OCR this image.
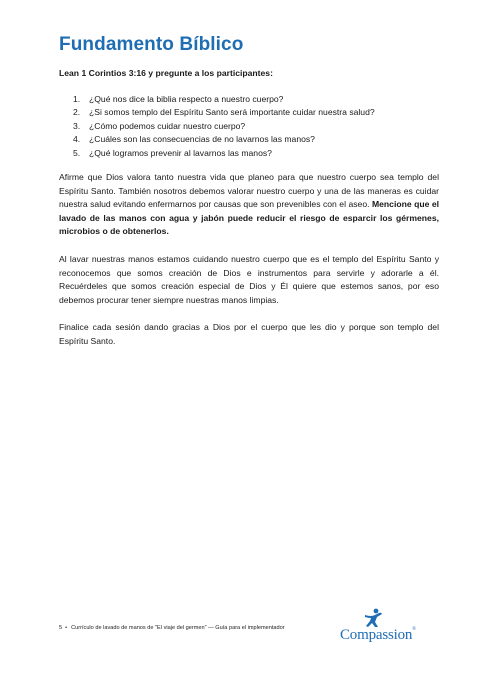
Fundamento Bíblico

Lean 1 Corintios 3:16 y pregunte a los participantes:

1. ¿Qué nos dice la biblia respecto a nuestro cuerpo?
2. ¿Si somos templo del Espíritu Santo será importante cuidar nuestra salud?
3. ¿Cómo podemos cuidar nuestro cuerpo?
4. ¿Cuáles son las consecuencias de no lavarnos las manos?
5. ¿Qué logramos prevenir al lavarnos las manos?

Afirme que Dios valora tanto nuestra vida que planeo para que nuestro cuerpo sea templo del Espíritu Santo. También nosotros debemos valorar nuestro cuerpo y una de las maneras es cuidar nuestra salud evitando enfermarnos por causas que son prevenibles con el aseo. Mencione que el lavado de las manos con agua y jabón puede reducir el riesgo de esparcir los gérmenes, microbios o de obtenerlos.

Al lavar nuestras manos estamos cuidando nuestro cuerpo que es el templo del Espíritu Santo y reconocemos que somos creación de Dios e instrumentos para servirle y adorarle a él. Recuérdeles que somos creación especial de Dios y Él quiere que estemos sanos, por eso debemos procurar tener siempre nuestras manos limpias.

Finalice cada sesión dando gracias a Dios por el cuerpo que les dio y porque son templo del Espíritu Santo.

5 • Currículo de lavado de manos de "El viaje del germen" — Guía para el implementador	Compassion®
